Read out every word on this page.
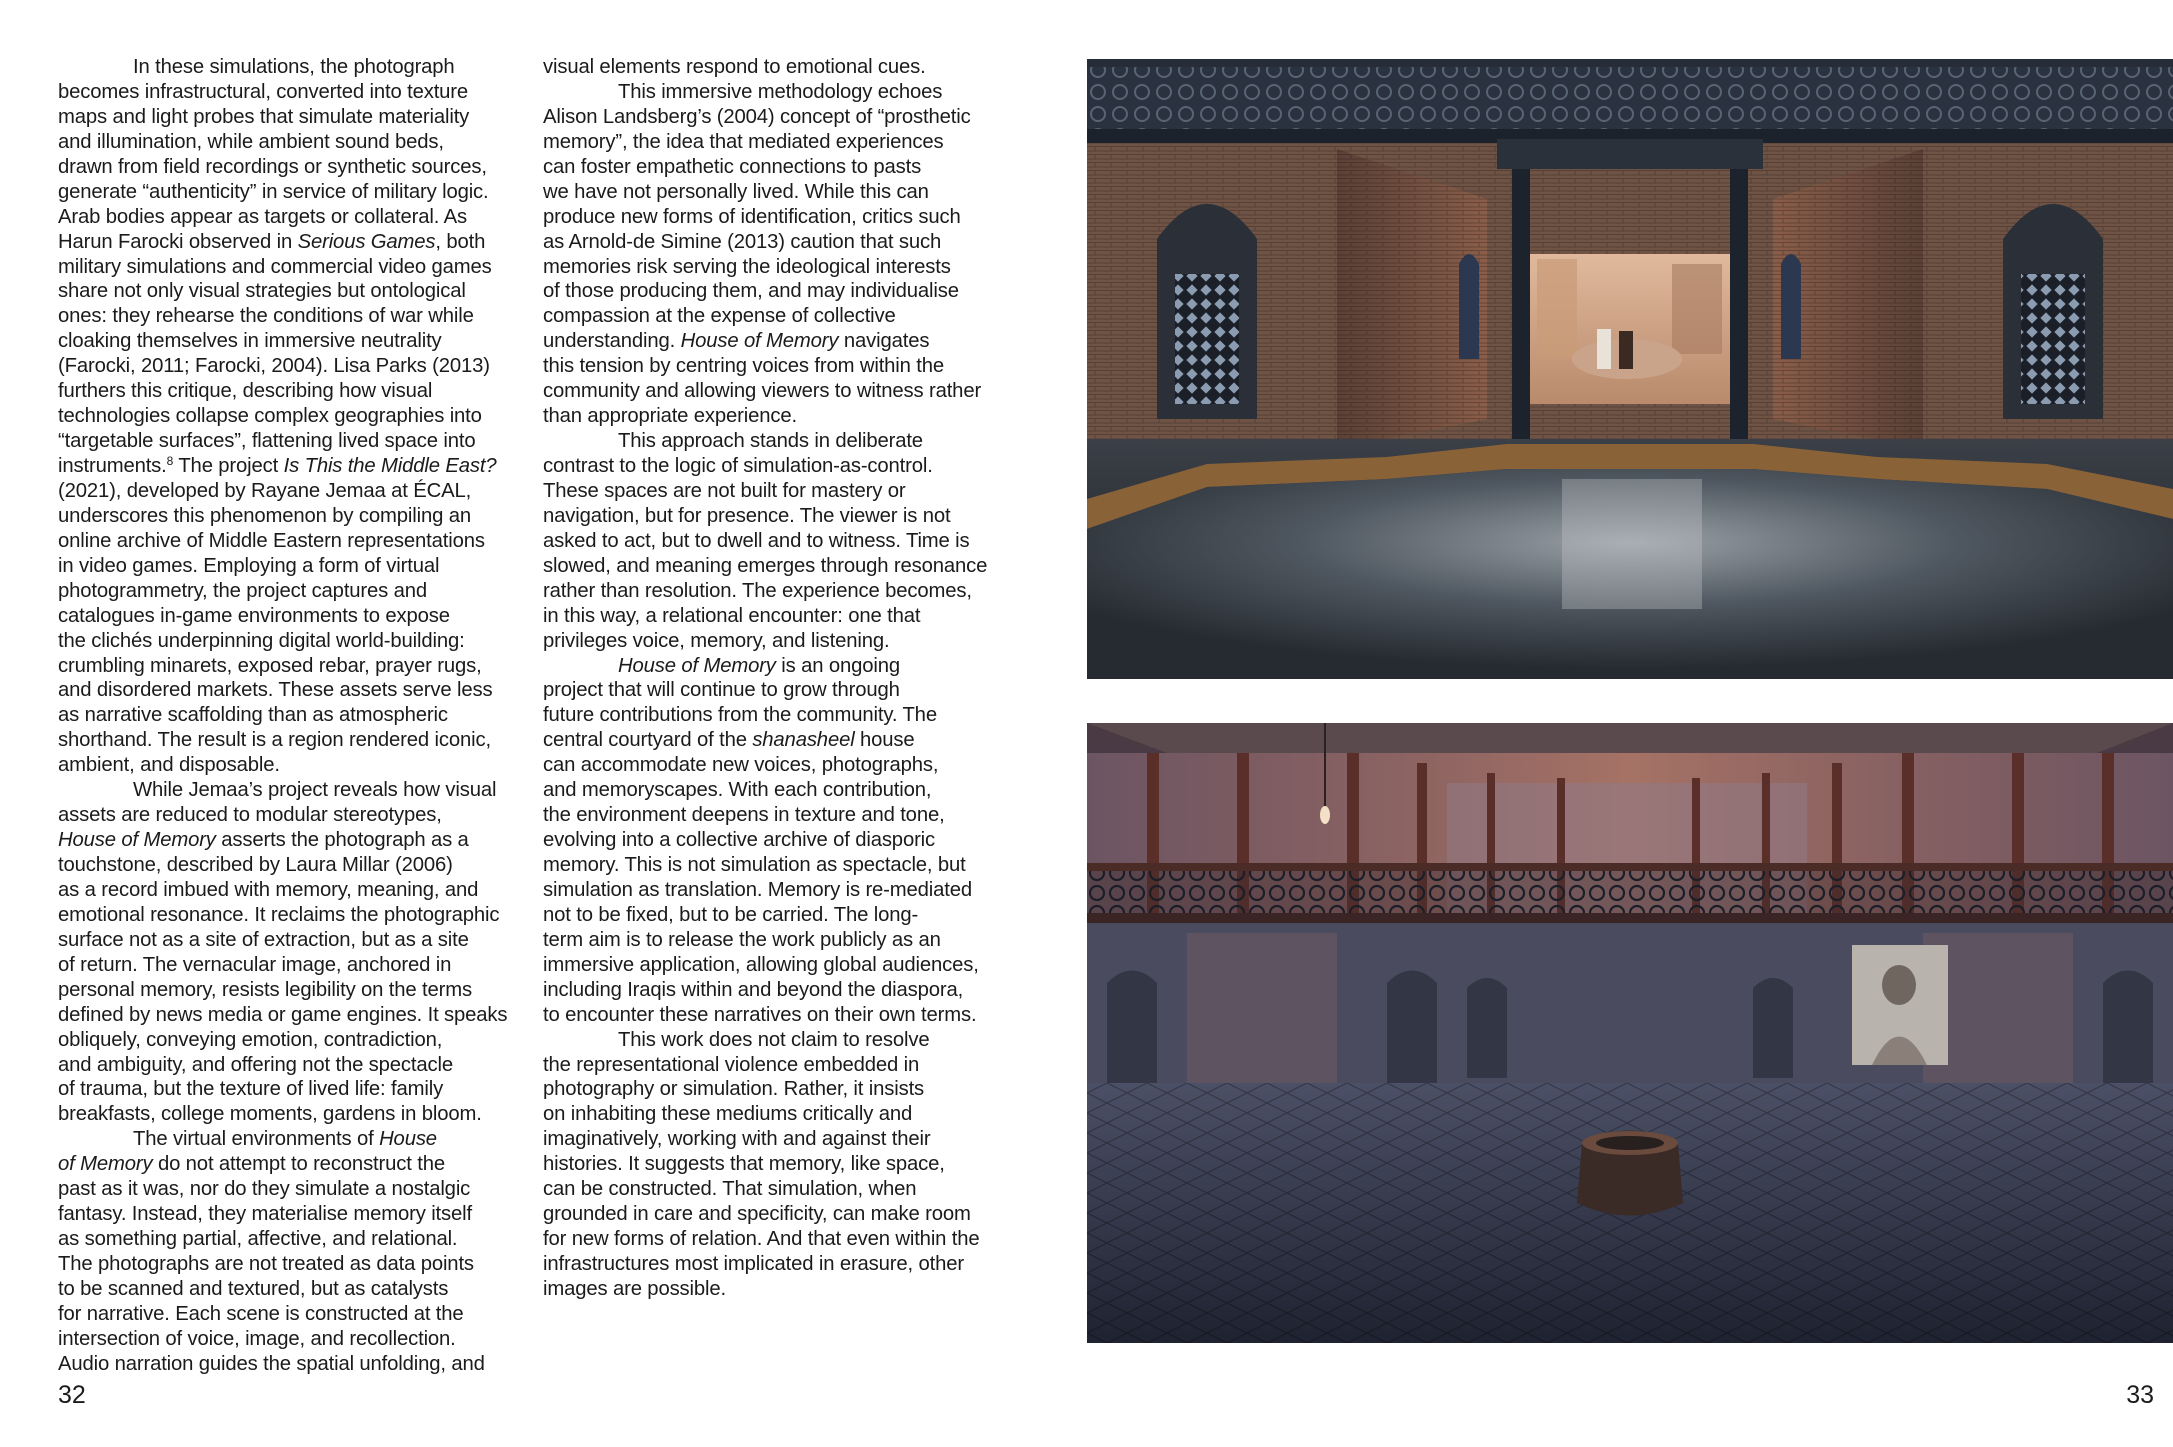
In these simulations, the photograph
becomes infrastructural, converted into texture
maps and light probes that simulate materiality
and illumination, while ambient sound beds,
drawn from field recordings or synthetic sources,
generate “authenticity” in service of military logic.
Arab bodies appear as targets or collateral. As
Harun Farocki observed in Serious Games, both
military simulations and commercial video games
share not only visual strategies but ontological
ones: they rehearse the conditions of war while
cloaking themselves in immersive neutrality
(Farocki, 2011; Farocki, 2004). Lisa Parks (2013)
furthers this critique, describing how visual
technologies collapse complex geographies into
“targetable surfaces”, flattening lived space into
instruments.$^8$ The project Is This the Middle East?
(2021), developed by Rayane Jemaa at ÉCAL,
underscores this phenomenon by compiling an
online archive of Middle Eastern representations
in video games. Employing a form of virtual
photogrammetry, the project captures and
catalogues in-game environments to expose
the clichés underpinning digital world-building:
crumbling minarets, exposed rebar, prayer rugs,
and disordered markets. These assets serve less
as narrative scaffolding than as atmospheric
shorthand. The result is a region rendered iconic,
ambient, and disposable.
While Jemaa’s project reveals how visual
assets are reduced to modular stereotypes,
House of Memory asserts the photograph as a
touchstone, described by Laura Millar (2006)
as a record imbued with memory, meaning, and
emotional resonance. It reclaims the photographic
surface not as a site of extraction, but as a site
of return. The vernacular image, anchored in
personal memory, resists legibility on the terms
defined by news media or game engines. It speaks
obliquely, conveying emotion, contradiction,
and ambiguity, and offering not the spectacle
of trauma, but the texture of lived life: family
breakfasts, college moments, gardens in bloom.
The virtual environments of House
of Memory do not attempt to reconstruct the
past as it was, nor do they simulate a nostalgic
fantasy. Instead, they materialise memory itself
as something partial, affective, and relational.
The photographs are not treated as data points
to be scanned and textured, but as catalysts
for narrative. Each scene is constructed at the
intersection of voice, image, and recollection.
Audio narration guides the spatial unfolding, and
visual elements respond to emotional cues.
This immersive methodology echoes
Alison Landsberg’s (2004) concept of “prosthetic
memory”, the idea that mediated experiences
can foster empathetic connections to pasts
we have not personally lived. While this can
produce new forms of identification, critics such
as Arnold-de Simine (2013) caution that such
memories risk serving the ideological interests
of those producing them, and may individualise
compassion at the expense of collective
understanding. House of Memory navigates
this tension by centring voices from within the
community and allowing viewers to witness rather
than appropriate experience.
This approach stands in deliberate
contrast to the logic of simulation-as-control.
These spaces are not built for mastery or
navigation, but for presence. The viewer is not
asked to act, but to dwell and to witness. Time is
slowed, and meaning emerges through resonance
rather than resolution. The experience becomes,
in this way, a relational encounter: one that
privileges voice, memory, and listening.
House of Memory is an ongoing
project that will continue to grow through
future contributions from the community. The
central courtyard of the shanasheel house
can accommodate new voices, photographs,
and memoryscapes. With each contribution,
the environment deepens in texture and tone,
evolving into a collective archive of diasporic
memory. This is not simulation as spectacle, but
simulation as translation. Memory is re-mediated
not to be fixed, but to be carried. The long-
term aim is to release the work publicly as an
immersive application, allowing global audiences,
including Iraqis within and beyond the diaspora,
to encounter these narratives on their own terms.
This work does not claim to resolve
the representational violence embedded in
photography or simulation. Rather, it insists
on inhabiting these mediums critically and
imaginatively, working with and against their
histories. It suggests that memory, like space,
can be constructed. That simulation, when
grounded in care and specificity, can make room
for new forms of relation. And that even within the
infrastructures most implicated in erasure, other
images are possible.
32	33
